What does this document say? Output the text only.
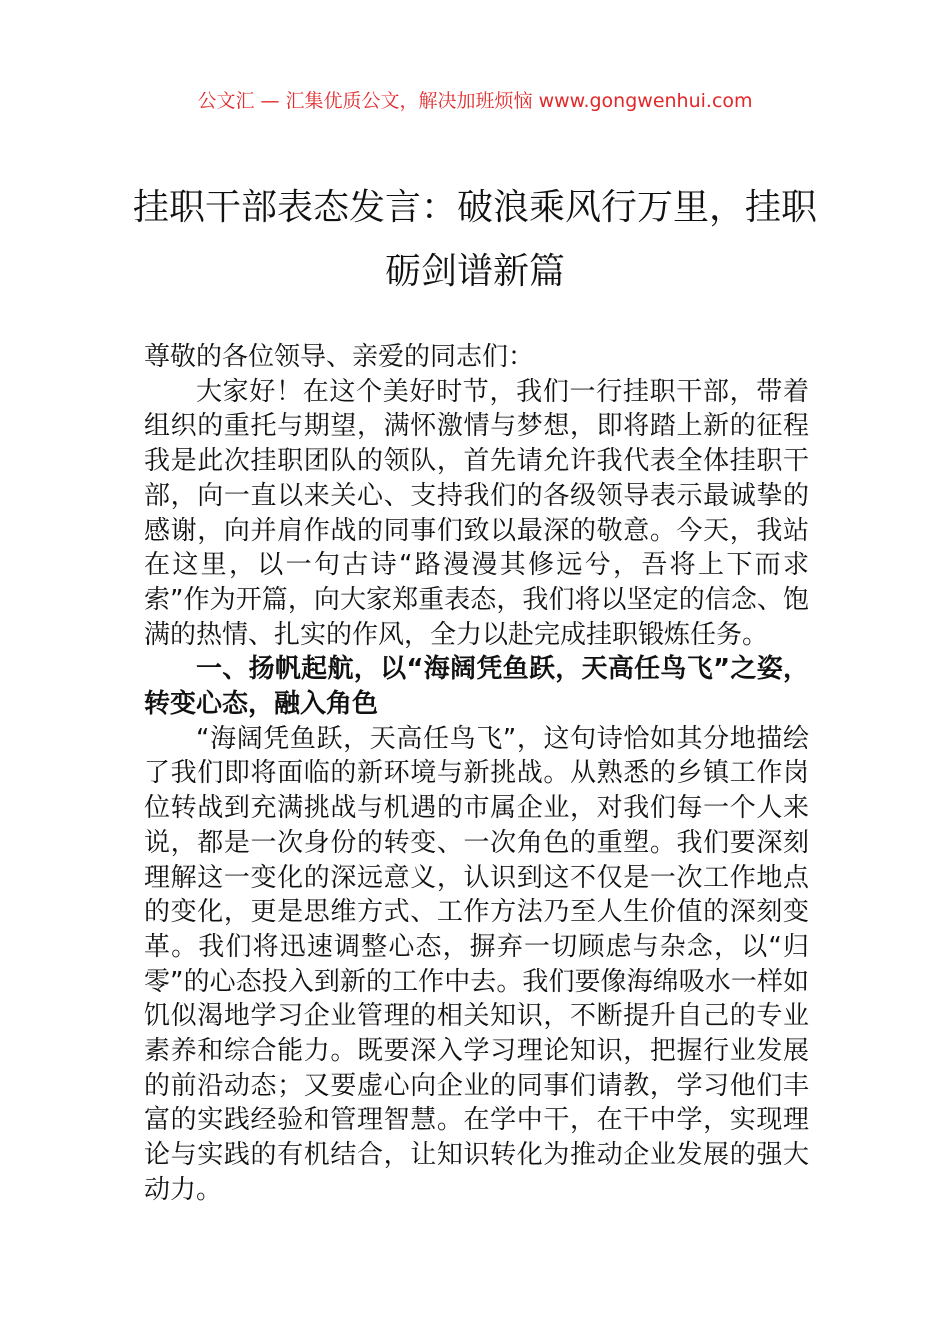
公文汇 — 汇集优质公文，解决加班烦恼 www.gongwenhui.com
挂职干部表态发言：破浪乘风行万里，挂职砺剑谱新篇

尊敬的各位领导、亲爱的同志们：

大家好！在这个美好时节，我们一行挂职干部，带着组织的重托与期望，满怀激情与梦想，即将踏上新的征程我是此次挂职团队的领队，首先请允许我代表全体挂职干部，向一直以来关心、支持我们的各级领导表示最诚挚的感谢，向并肩作战的同事们致以最深的敬意。今天，我站在这里，以一句古诗“路漫漫其修远兮，吾将上下而求索”作为开篇，向大家郑重表态，我们将以坚定的信念、饱满的热情、扎实的作风，全力以赴完成挂职锻炼任务。

一、扬帆起航，以“海阔凭鱼跃，天高任鸟飞”之姿，转变心态，融入角色

“海阔凭鱼跃，天高任鸟飞”，这句诗恰如其分地描绘了我们即将面临的新环境与新挑战。从熟悉的乡镇工作岗位转战到充满挑战与机遇的市属企业，对我们每一个人来说，都是一次身份的转变、一次角色的重塑。我们要深刻理解这一变化的深远意义，认识到这不仅是一次工作地点的变化，更是思维方式、工作方法乃至人生价值的深刻变革。我们将迅速调整心态，摒弃一切顾虑与杂念，以“归零”的心态投入到新的工作中去。我们要像海绵吸水一样如饥似渴地学习企业管理的相关知识，不断提升自己的专业素养和综合能力。既要深入学习理论知识，把握行业发展的前沿动态；又要虚心向企业的同事们请教，学习他们丰富的实践经验和管理智慧。在学中干，在干中学，实现理论与实践的有机结合，让知识转化为推动企业发展的强大动力。
